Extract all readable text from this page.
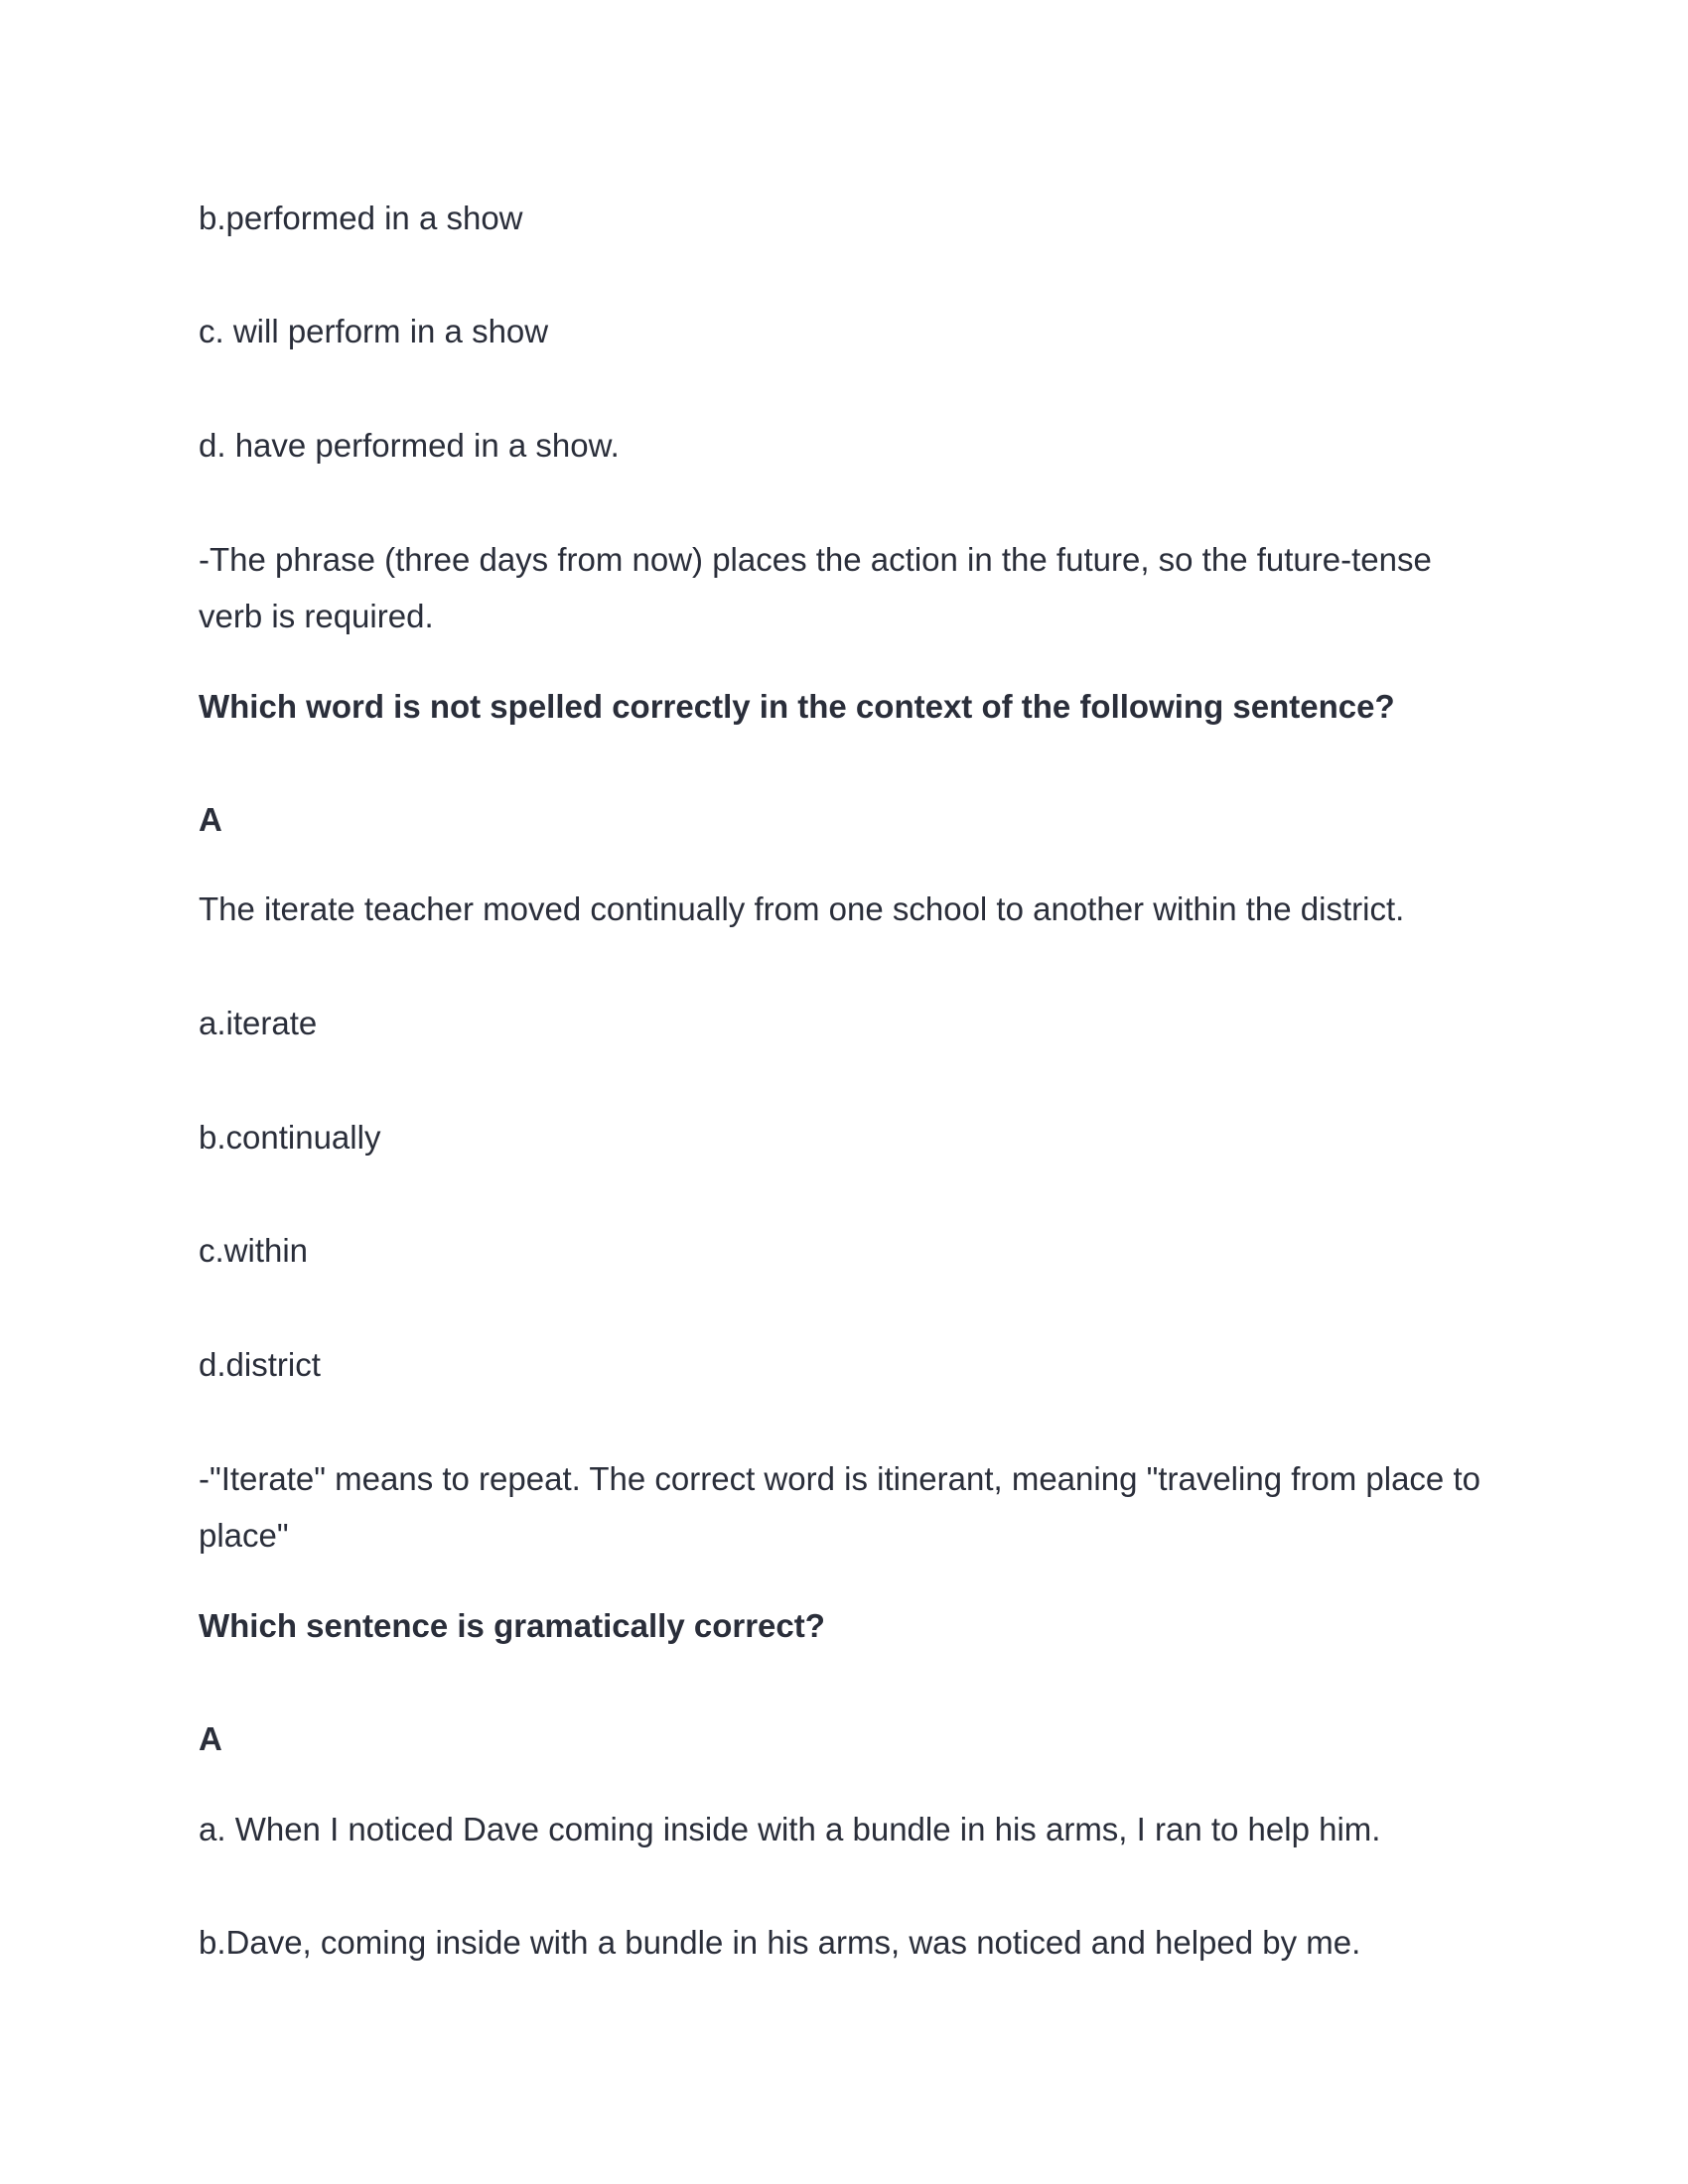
b.performed in a show

c. will perform in a show

d. have performed in a show.

-The phrase (three days from now) places the action in the future, so the future-tense verb is required.

Which word is not spelled correctly in the context of the following sentence?

A

The iterate teacher moved continually from one school to another within the district.

a.iterate

b.continually

c.within

d.district

-"Iterate" means to repeat. The correct word is itinerant, meaning "traveling from place to place"

Which sentence is gramatically correct?

A

a. When I noticed Dave coming inside with a bundle in his arms, I ran to help him.

b.Dave, coming inside with a bundle in his arms, was noticed and helped by me.
